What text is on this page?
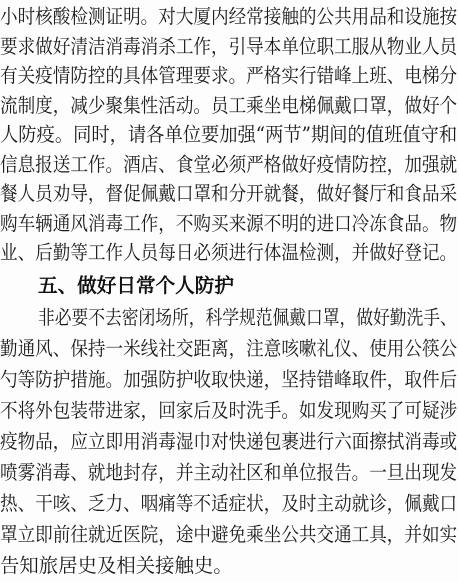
小时核酸检测证明。对大厦内经常接触的公共用品和设施按
要求做好清洁消毒消杀工作，引导本单位职工服从物业人员
有关疫情防控的具体管理要求。严格实行错峰上班、电梯分
流制度，减少聚集性活动。员工乘坐电梯佩戴口罩，做好个
人防疫。同时，请各单位要加强“两节”期间的值班值守和
信息报送工作。酒店、食堂必须严格做好疫情防控，加强就
餐人员劝导，督促佩戴口罩和分开就餐，做好餐厅和食品采
购车辆通风消毒工作，不购买来源不明的进口冷冻食品。物
业、后勤等工作人员每日必须进行体温检测，并做好登记。
五、做好日常个人防护
非必要不去密闭场所，科学规范佩戴口罩，做好勤洗手、
勤通风、保持一米线社交距离，注意咳嗽礼仪、使用公筷公
勺等防护措施。加强防护收取快递，坚持错峰取件，取件后
不将外包装带进家，回家后及时洗手。如发现购买了可疑涉
疫物品，应立即用消毒湿巾对快递包裹进行六面擦拭消毒或
喷雾消毒、就地封存，并主动社区和单位报告。一旦出现发
热、干咳、乏力、咽痛等不适症状，及时主动就诊，佩戴口
罩立即前往就近医院，途中避免乘坐公共交通工具，并如实
告知旅居史及相关接触史。
